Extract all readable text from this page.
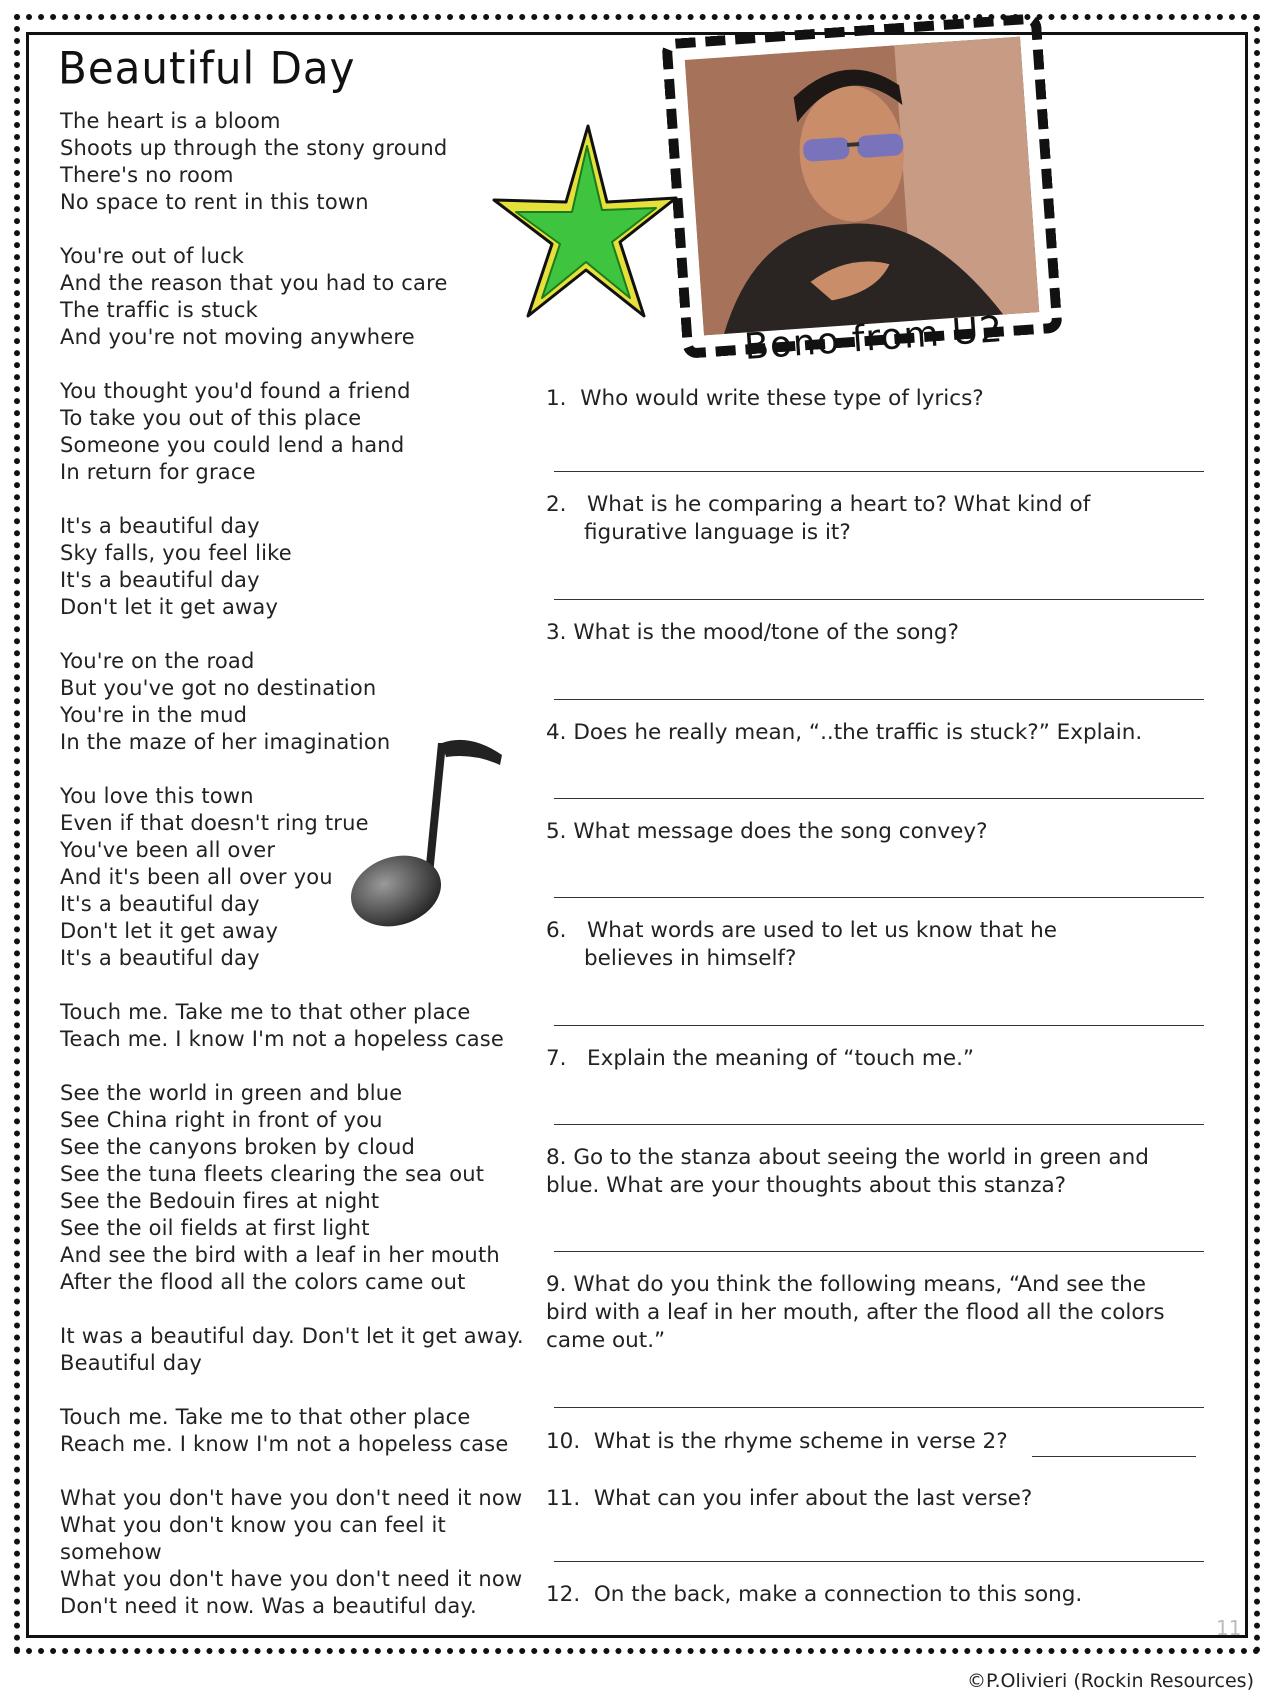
Beautiful Day
The heart is a bloom
Shoots up through the stony ground
There's no room
No space to rent in this town
You're out of luck
And the reason that you had to care
The traffic is stuck
And you're not moving anywhere
You thought you'd found a friend
To take you out of this place
Someone you could lend a hand
In return for grace
It's a beautiful day
Sky falls, you feel like
It's a beautiful day
Don't let it get away
You're on the road
But you've got no destination
You're in the mud
In the maze of her imagination
You love this town
Even if that doesn't ring true
You've been all over
And it's been all over you
It's a beautiful day
Don't let it get away
It's a beautiful day
Touch me. Take me to that other place
Teach me. I know I'm not a hopeless case
See the world in green and blue
See China right in front of you
See the canyons broken by cloud
See the tuna fleets clearing the sea out
See the Bedouin fires at night
See the oil fields at first light
And see the bird with a leaf in her mouth
After the flood all the colors came out
It was a beautiful day. Don't let it get away.
Beautiful day
Touch me. Take me to that other place
Reach me. I know I'm not a hopeless case
What you don't have you don't need it now
What you don't know you can feel it
somehow
What you don't have you don't need it now
Don't need it now. Was a beautiful day.
Bono from U2
1. Who would write these type of lyrics?
2. What is he comparing a heart to? What kind of
figurative language is it?
3. What is the mood/tone of the song?
4. Does he really mean, “..the traffic is stuck?” Explain.
5. What message does the song convey?
6. What words are used to let us know that he
believes in himself?
7. Explain the meaning of “touch me.”
8. Go to the stanza about seeing the world in green and
blue. What are your thoughts about this stanza?
9. What do you think the following means, “And see the
bird with a leaf in her mouth, after the flood all the colors
came out.”
10. What is the rhyme scheme in verse 2?
11. What can you infer about the last verse?
12. On the back, make a connection to this song.
11
©P.Olivieri (Rockin Resources)
